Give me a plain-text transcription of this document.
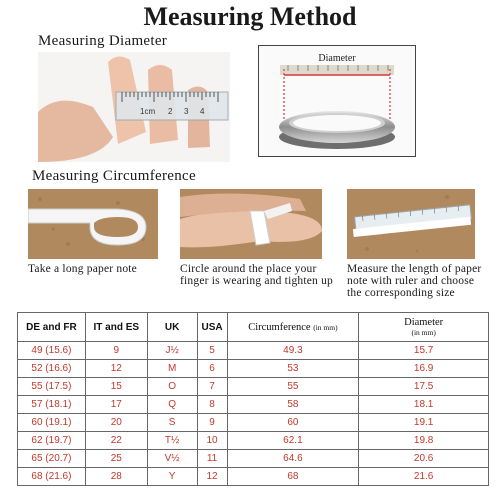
Measuring Method
Measuring Diameter
1cm 2 3 4
Diameter
Measuring Circumference
Take a long paper note	Circle around the place your finger is wearing and tighten up
Measure the length of paper note with ruler and choose the corresponding size
DE and FR	IT and ES	UK	USA	Circumference (in mm)	Diameter
(in mm)

49 (15.6)	9	J½	5	49.3	15.7
52 (16.6)	12	M	6	53	16.9
55 (17.5)	15	O	7	55	17.5
57 (18.1)	17	Q	8	58	18.1
60 (19.1)	20	S	9	60	19.1
62 (19.7)	22	T½	10	62.1	19.8
65 (20.7)	25	V½	11	64.6	20.6
68 (21.6)	28	Y	12	68	21.6
